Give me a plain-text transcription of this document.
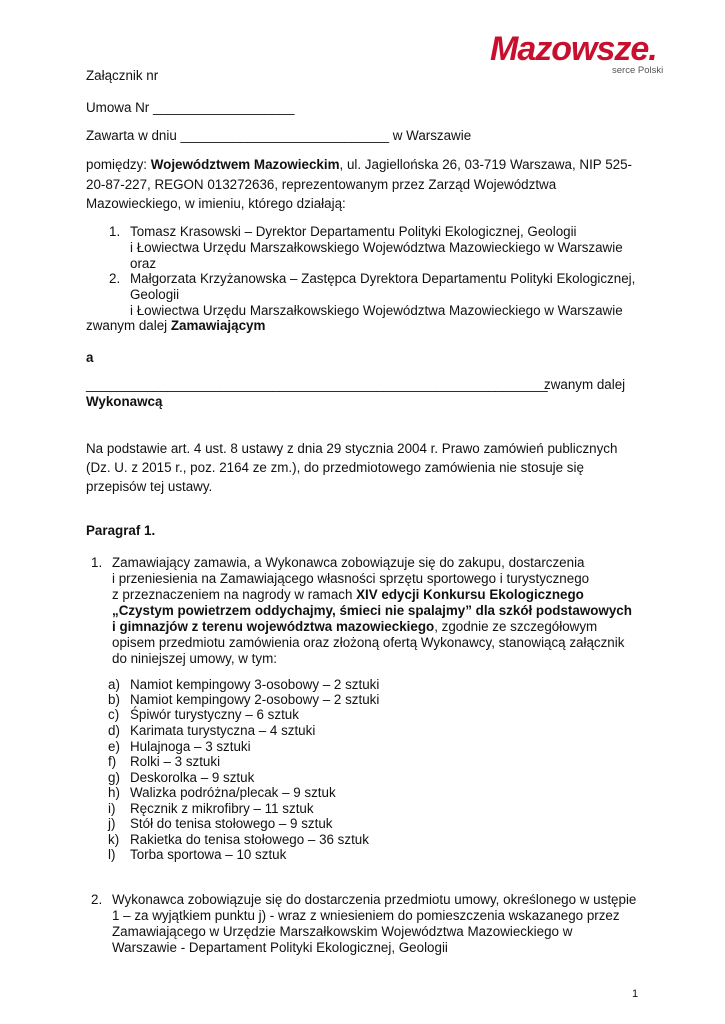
Mazowsze.
serce Polski
Załącznik nr
Umowa Nr ___________________
Zawarta w dniu ____________________________ w Warszawie
pomiędzy: Województwem Mazowieckim, ul. Jagiellońska 26, 03-719 Warszawa, NIP 525-
20-87-227, REGON 013272636, reprezentowanym przez Zarząd Województwa
Mazowieckiego, w imieniu, którego działają:
1. Tomasz Krasowski – Dyrektor Departamentu Polityki Ekologicznej, Geologii
i Łowiectwa Urzędu Marszałkowskiego Województwa Mazowieckiego w Warszawie
oraz
2. Małgorzata Krzyżanowska – Zastępca Dyrektora Departamentu Polityki Ekologicznej,
Geologii
i Łowiectwa Urzędu Marszałkowskiego Województwa Mazowieckiego w Warszawie
zwanym dalej Zamawiającym
a
______________________________________________________________
zwanym dalej
Wykonawcą
Na podstawie art. 4 ust. 8 ustawy z dnia 29 stycznia 2004 r. Prawo zamówień publicznych
(Dz. U. z 2015 r., poz. 2164 ze zm.), do przedmiotowego zamówienia nie stosuje się
przepisów tej ustawy.
Paragraf 1.
1. Zamawiający zamawia, a Wykonawca zobowiązuje się do zakupu, dostarczenia
i przeniesienia na Zamawiającego własności sprzętu sportowego i turystycznego
z przeznaczeniem na nagrody w ramach XIV edycji Konkursu Ekologicznego
„Czystym powietrzem oddychajmy, śmieci nie spalajmy” dla szkół podstawowych
i gimnazjów z terenu województwa mazowieckiego, zgodnie ze szczegółowym
opisem przedmiotu zamówienia oraz złożoną ofertą Wykonawcy, stanowiącą załącznik
do niniejszej umowy, w tym:
a) Namiot kempingowy 3-osobowy – 2 sztuki
b) Namiot kempingowy 2-osobowy – 2 sztuki
c) Śpiwór turystyczny – 6 sztuk
d) Karimata turystyczna – 4 sztuki
e) Hulajnoga – 3 sztuki
f) Rolki – 3 sztuki
g) Deskorolka – 9 sztuk
h) Walizka podróżna/plecak – 9 sztuk
i) Ręcznik z mikrofibry – 11 sztuk
j) Stół do tenisa stołowego – 9 sztuk
k) Rakietka do tenisa stołowego – 36 sztuk
l) Torba sportowa – 10 sztuk
2. Wykonawca zobowiązuje się do dostarczenia przedmiotu umowy, określonego w ustępie
1 – za wyjątkiem punktu j) - wraz z wniesieniem do pomieszczenia wskazanego przez
Zamawiającego w Urzędzie Marszałkowskim Województwa Mazowieckiego w
Warszawie - Departament Polityki Ekologicznej, Geologii
1
